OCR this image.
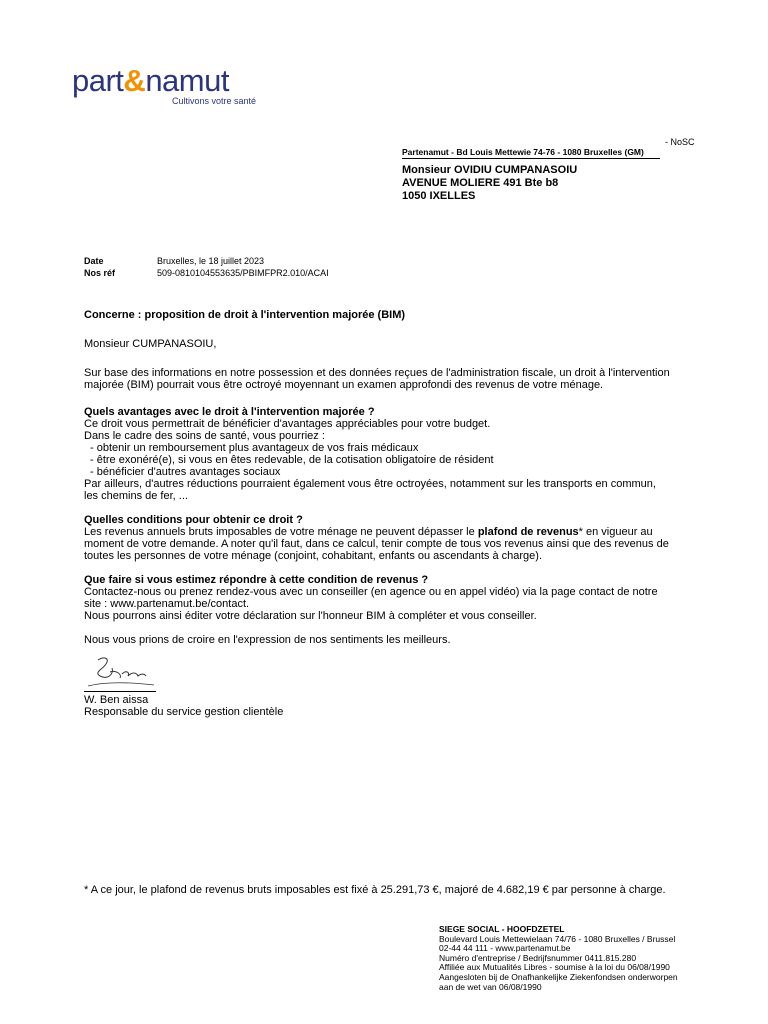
part&namut
Cultivons votre santé
- NoSC
Partenamut - Bd Louis Mettewie 74-76 - 1080 Bruxelles (GM)
Monsieur OVIDIU CUMPANASOIU
AVENUE MOLIERE 491 Bte b8
1050 IXELLES
Date	Bruxelles, le 18 juillet 2023
Nos réf	509-0810104553635/PBIMFPR2.010/ACAI

Concerne : proposition de droit à l'intervention majorée (BIM)

Monsieur CUMPANASOIU,

Sur base des informations en notre possession et des données reçues de l'administration fiscale, un droit à l'intervention

majorée (BIM) pourrait vous être octroyé moyennant un examen approfondi des revenus de votre ménage.

Quels avantages avec le droit à l'intervention majorée ?

Ce droit vous permettrait de bénéficier d'avantages appréciables pour votre budget.

Dans le cadre des soins de santé, vous pourriez :

- obtenir un remboursement plus avantageux de vos frais médicaux

- être exonéré(e), si vous en êtes redevable, de la cotisation obligatoire de résident

- bénéficier d'autres avantages sociaux

Par ailleurs, d'autres réductions pourraient également vous être octroyées, notamment sur les transports en commun,

les chemins de fer, ...

Quelles conditions pour obtenir ce droit ?

Les revenus annuels bruts imposables de votre ménage ne peuvent dépasser le plafond de revenus* en vigueur au

moment de votre demande. A noter qu'il faut, dans ce calcul, tenir compte de tous vos revenus ainsi que des revenus de

toutes les personnes de votre ménage (conjoint, cohabitant, enfants ou ascendants à charge).

Que faire si vous estimez répondre à cette condition de revenus ?

Contactez-nous ou prenez rendez-vous avec un conseiller (en agence ou en appel vidéo) via la page contact de notre

site : www.partenamut.be/contact.

Nous pourrons ainsi éditer votre déclaration sur l'honneur BIM à compléter et vous conseiller.

Nous vous prions de croire en l'expression de nos sentiments les meilleurs.

W. Ben aissa
Responsable du service gestion clientèle
* A ce jour, le plafond de revenus bruts imposables est fixé à 25.291,73 €, majoré de 4.682,19 € par personne à charge.
SIEGE SOCIAL - HOOFDZETEL
Boulevard Louis Mettewielaan 74/76 - 1080 Bruxelles / Brussel
02-44 44 111 - www.partenamut.be
Numéro d'entreprise / Bedrijfsnummer 0411.815.280
Affiliée aux Mutualités Libres - soumise à la loi du 06/08/1990
Aangesloten bij de Onafhankelijke Ziekenfondsen onderworpen
aan de wet van 06/08/1990
